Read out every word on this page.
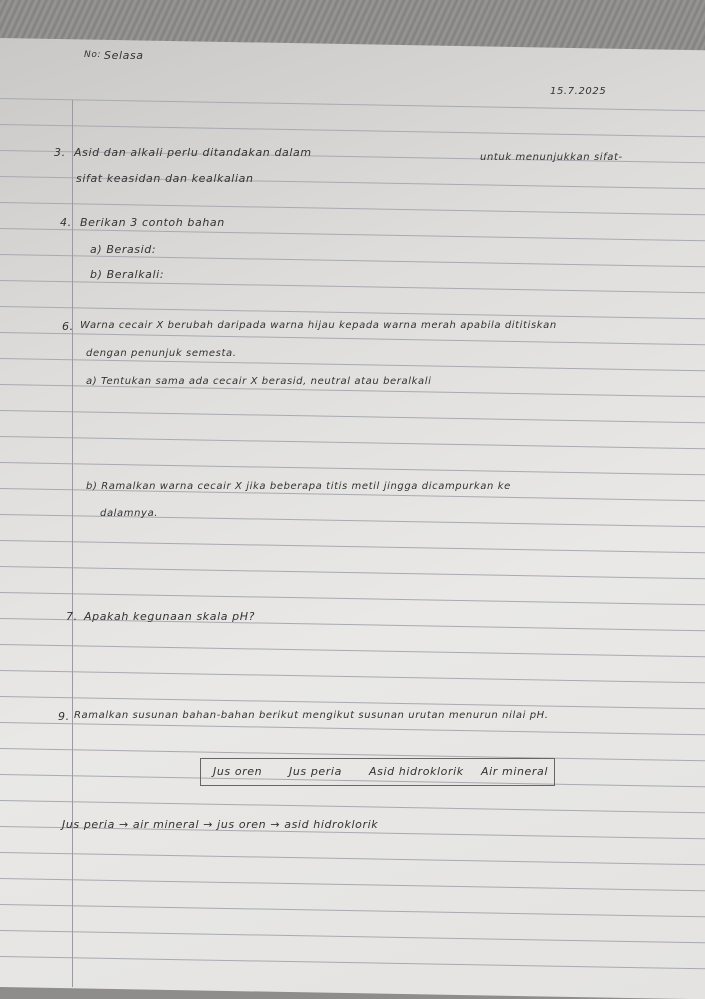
No: Selasa
15.7.2025
3. Asid dan alkali perlu ditandakan dalam	untuk menunjukkan sifat-
sifat keasidan dan kealkalian
4. Berikan 3 contoh bahan
a) Berasid:
b) Beralkali:
6. Warna cecair X berubah daripada warna hijau kepada warna merah apabila dititiskan
dengan penunjuk semesta.
a) Tentukan sama ada cecair X berasid, neutral atau beralkali
b) Ramalkan warna cecair X jika beberapa titis metil jingga dicampurkan ke
dalamnya.
7. Apakah kegunaan skala pH?
9. Ramalkan susunan bahan-bahan berikut mengikut susunan urutan menurun nilai pH.
Jus oren Jus peria Asid hidroklorik Air mineral
Jus peria → air mineral → jus oren → asid hidroklorik
